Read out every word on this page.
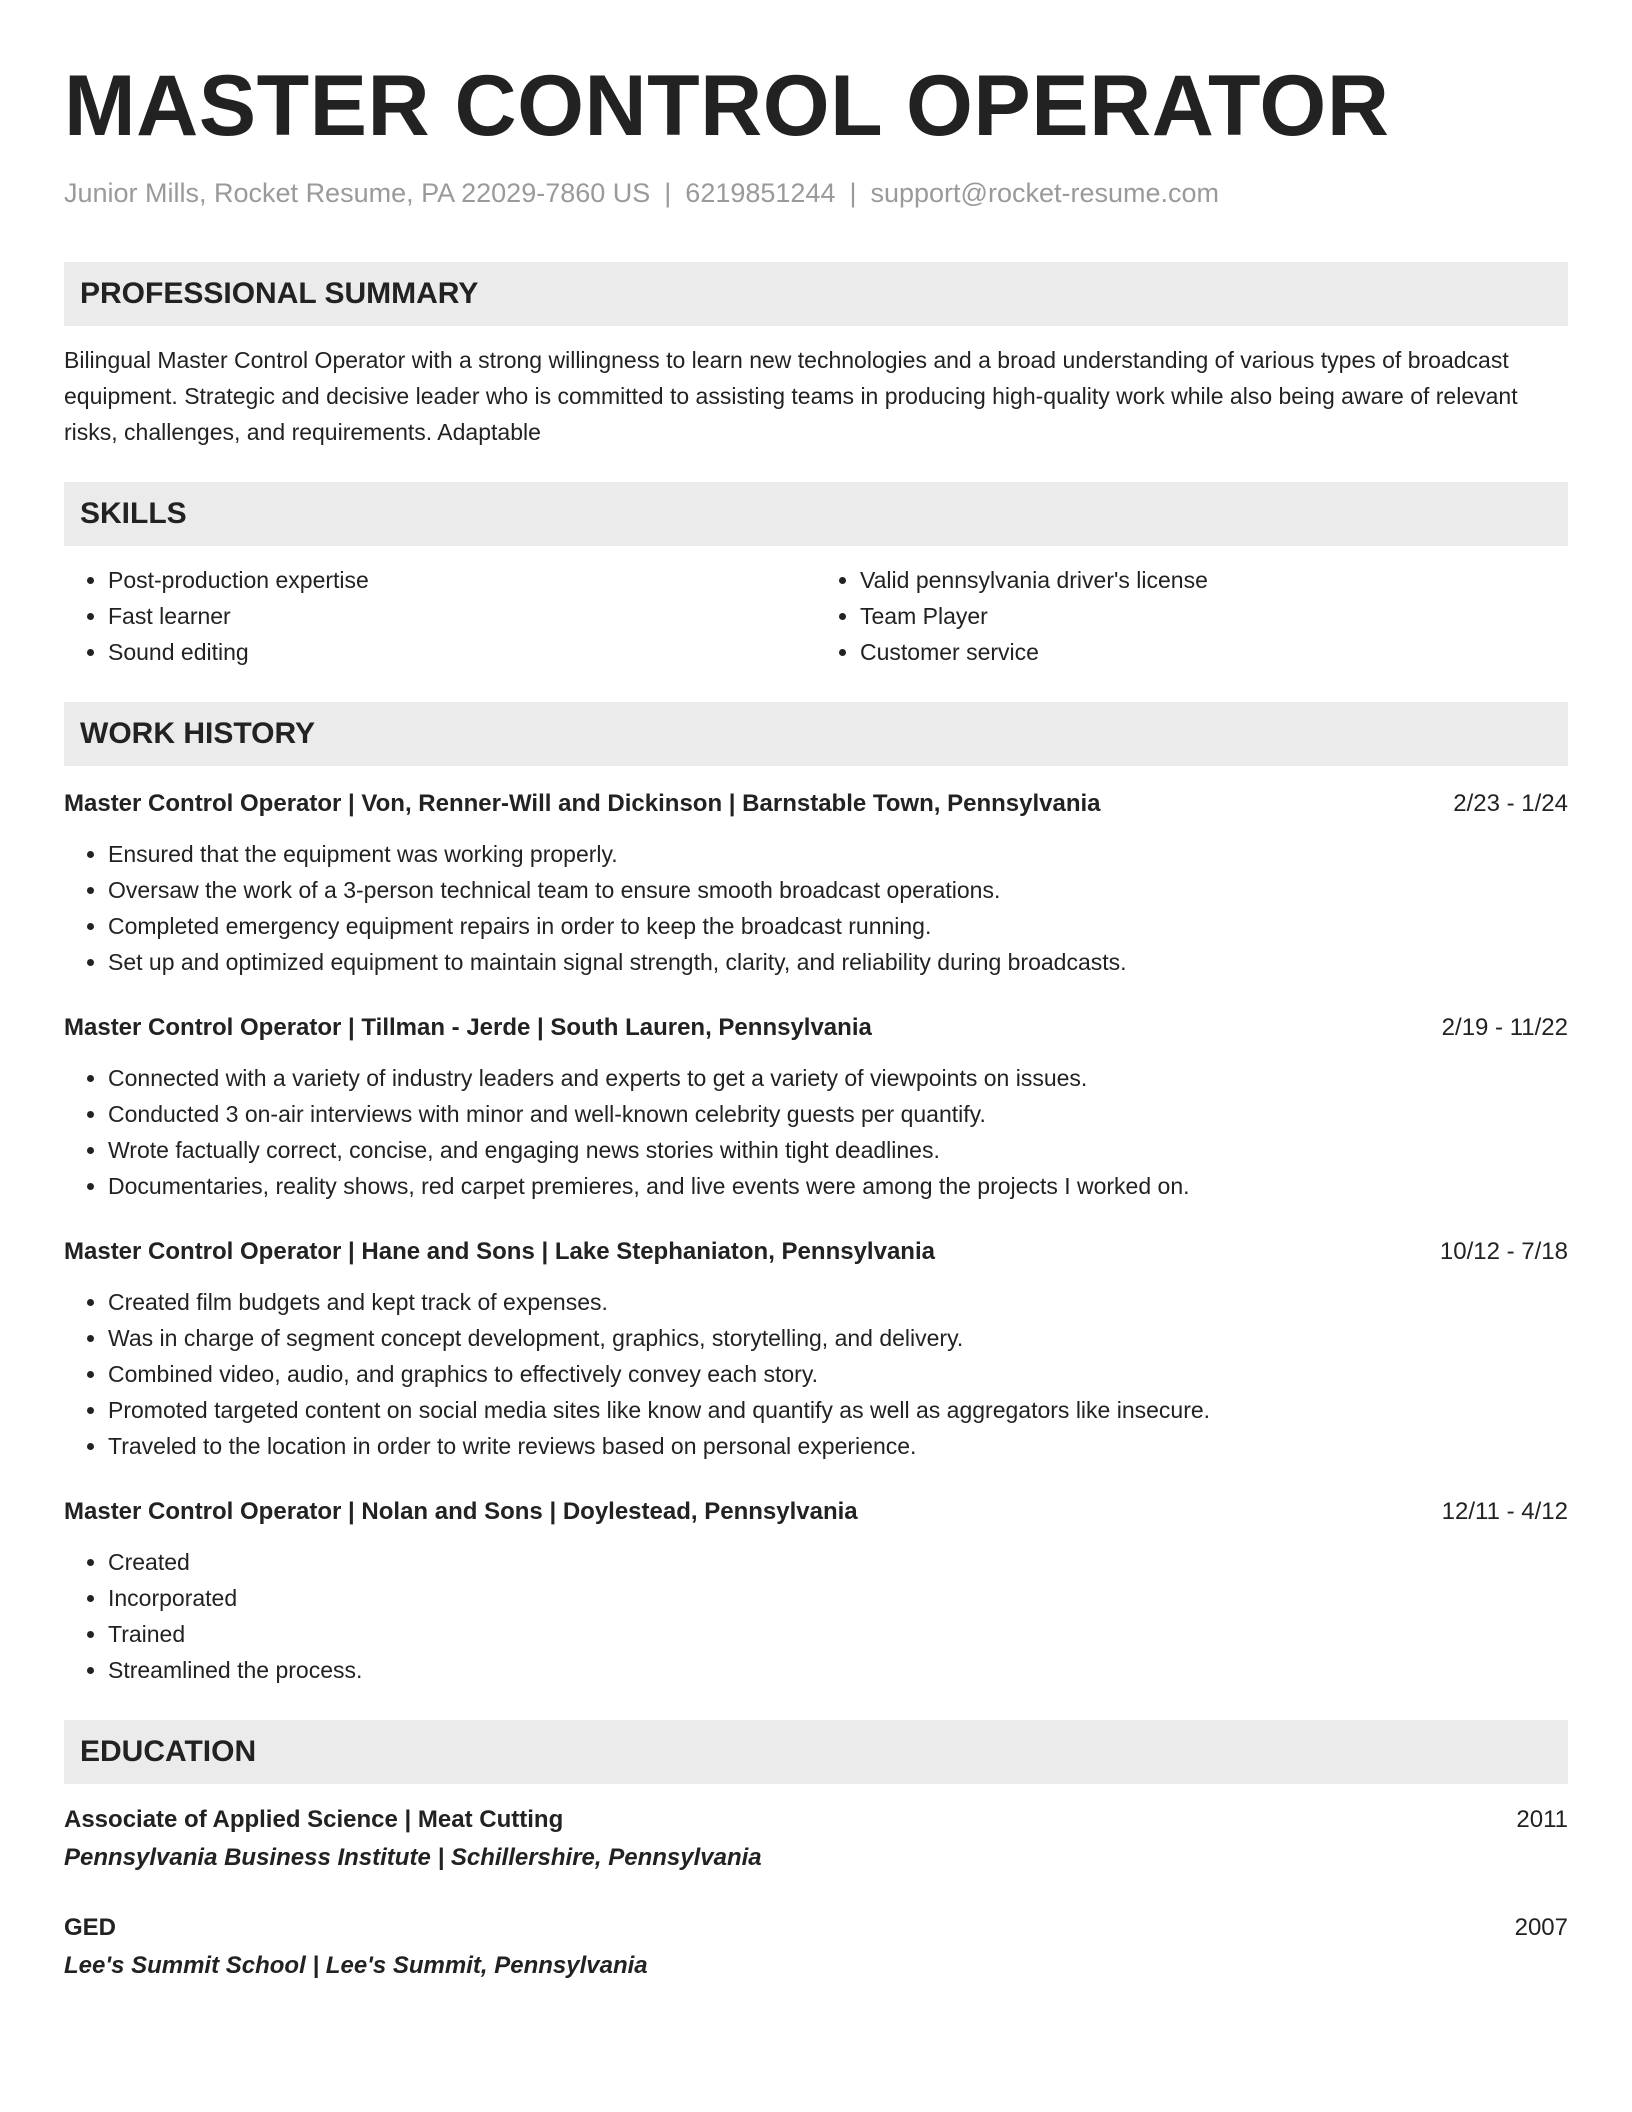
MASTER CONTROL OPERATOR
Junior Mills, Rocket Resume, PA 22029-7860 US | 6219851244 | support@rocket-resume.com
PROFESSIONAL SUMMARY
Bilingual Master Control Operator with a strong willingness to learn new technologies and a broad understanding of various types of broadcast equipment. Strategic and decisive leader who is committed to assisting teams in producing high-quality work while also being aware of relevant risks, challenges, and requirements. Adaptable
SKILLS
• Post-production expertise
• Fast learner
• Sound editing
• Valid pennsylvania driver's license
• Team Player
• Customer service
WORK HISTORY
Master Control Operator | Von, Renner-Will and Dickinson | Barnstable Town, Pennsylvania	2/23 - 1/24
• Ensured that the equipment was working properly.
• Oversaw the work of a 3-person technical team to ensure smooth broadcast operations.
• Completed emergency equipment repairs in order to keep the broadcast running.
• Set up and optimized equipment to maintain signal strength, clarity, and reliability during broadcasts.
Master Control Operator | Tillman - Jerde | South Lauren, Pennsylvania	2/19 - 11/22
• Connected with a variety of industry leaders and experts to get a variety of viewpoints on issues.
• Conducted 3 on-air interviews with minor and well-known celebrity guests per quantify.
• Wrote factually correct, concise, and engaging news stories within tight deadlines.
• Documentaries, reality shows, red carpet premieres, and live events were among the projects I worked on.
Master Control Operator | Hane and Sons | Lake Stephaniaton, Pennsylvania	10/12 - 7/18
• Created film budgets and kept track of expenses.
• Was in charge of segment concept development, graphics, storytelling, and delivery.
• Combined video, audio, and graphics to effectively convey each story.
• Promoted targeted content on social media sites like know and quantify as well as aggregators like insecure.
• Traveled to the location in order to write reviews based on personal experience.
Master Control Operator | Nolan and Sons | Doylestead, Pennsylvania	12/11 - 4/12
• Created
• Incorporated
• Trained
• Streamlined the process.
EDUCATION
Associate of Applied Science | Meat Cutting	2011
Pennsylvania Business Institute | Schillershire, Pennsylvania
GED	2007
Lee's Summit School | Lee's Summit, Pennsylvania
